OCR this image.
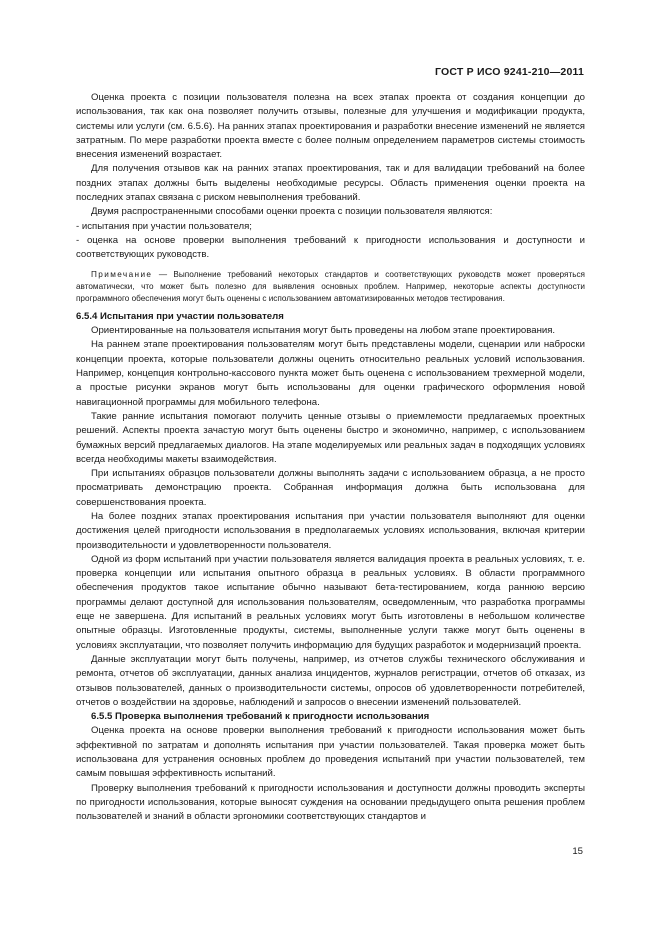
ГОСТ Р ИСО 9241-210—2011

Оценка проекта с позиции пользователя полезна на всех этапах проекта от создания концепции до использования, так как она позволяет получить отзывы, полезные для улучшения и модификации продукта, системы или услуги (см. 6.5.6). На ранних этапах проектирования и разработки внесение изменений не является затратным. По мере разработки проекта вместе с более полным определением параметров системы стоимость внесения изменений возрастает.

Для получения отзывов как на ранних этапах проектирования, так и для валидации требований на более поздних этапах должны быть выделены необходимые ресурсы. Область применения оценки проекта на последних этапах связана с риском невыполнения требований.

Двумя распространенными способами оценки проекта с позиции пользователя являются:

- испытания при участии пользователя;

- оценка на основе проверки выполнения требований к пригодности использования и доступности и соответствующих руководств.

Примечание — Выполнение требований некоторых стандартов и соответствующих руководств может проверяться автоматически, что может быть полезно для выявления основных проблем. Например, некоторые аспекты доступности программного обеспечения могут быть оценены с использованием автоматизированных методов тестирования.
6.5.4 Испытания при участии пользователя

Ориентированные на пользователя испытания могут быть проведены на любом этапе проектирования.

На раннем этапе проектирования пользователям могут быть представлены модели, сценарии или наброски концепции проекта, которые пользователи должны оценить относительно реальных условий использования. Например, концепция контрольно-кассового пункта может быть оценена с использованием трехмерной модели, а простые рисунки экранов могут быть использованы для оценки графического оформления новой навигационной программы для мобильного телефона.

Такие ранние испытания помогают получить ценные отзывы о приемлемости предлагаемых проектных решений. Аспекты проекта зачастую могут быть оценены быстро и экономично, например, с использованием бумажных версий предлагаемых диалогов. На этапе моделируемых или реальных задач в подходящих условиях всегда необходимы макеты взаимодействия.

При испытаниях образцов пользователи должны выполнять задачи с использованием образца, а не просто просматривать демонстрацию проекта. Собранная информация должна быть использована для совершенствования проекта.

На более поздних этапах проектирования испытания при участии пользователя выполняют для оценки достижения целей пригодности использования в предполагаемых условиях использования, включая критерии производительности и удовлетворенности пользователя.

Одной из форм испытаний при участии пользователя является валидация проекта в реальных условиях, т. е. проверка концепции или испытания опытного образца в реальных условиях. В области программного обеспечения продуктов такое испытание обычно называют бета-тестированием, когда раннюю версию программы делают доступной для использования пользователям, осведомленным, что разработка программы еще не завершена. Для испытаний в реальных условиях могут быть изготовлены в небольшом количестве опытные образцы. Изготовленные продукты, системы, выполненные услуги также могут быть оценены в условиях эксплуатации, что позволяет получить информацию для будущих разработок и модернизаций проекта.

Данные эксплуатации могут быть получены, например, из отчетов службы технического обслуживания и ремонта, отчетов об эксплуатации, данных анализа инцидентов, журналов регистрации, отчетов об отказах, из отзывов пользователей, данных о производительности системы, опросов об удовлетворенности потребителей, отчетов о воздействии на здоровье, наблюдений и запросов о внесении изменений пользователей.

6.5.5 Проверка выполнения требований к пригодности использования

Оценка проекта на основе проверки выполнения требований к пригодности использования может быть эффективной по затратам и дополнять испытания при участии пользователей. Такая проверка может быть использована для устранения основных проблем до проведения испытаний при участии пользователей, тем самым повышая эффективность испытаний.

Проверку выполнения требований к пригодности использования и доступности должны проводить эксперты по пригодности использования, которые выносят суждения на основании предыдущего опыта решения проблем пользователей и знаний в области эргономики соответствующих стандартов и

15
